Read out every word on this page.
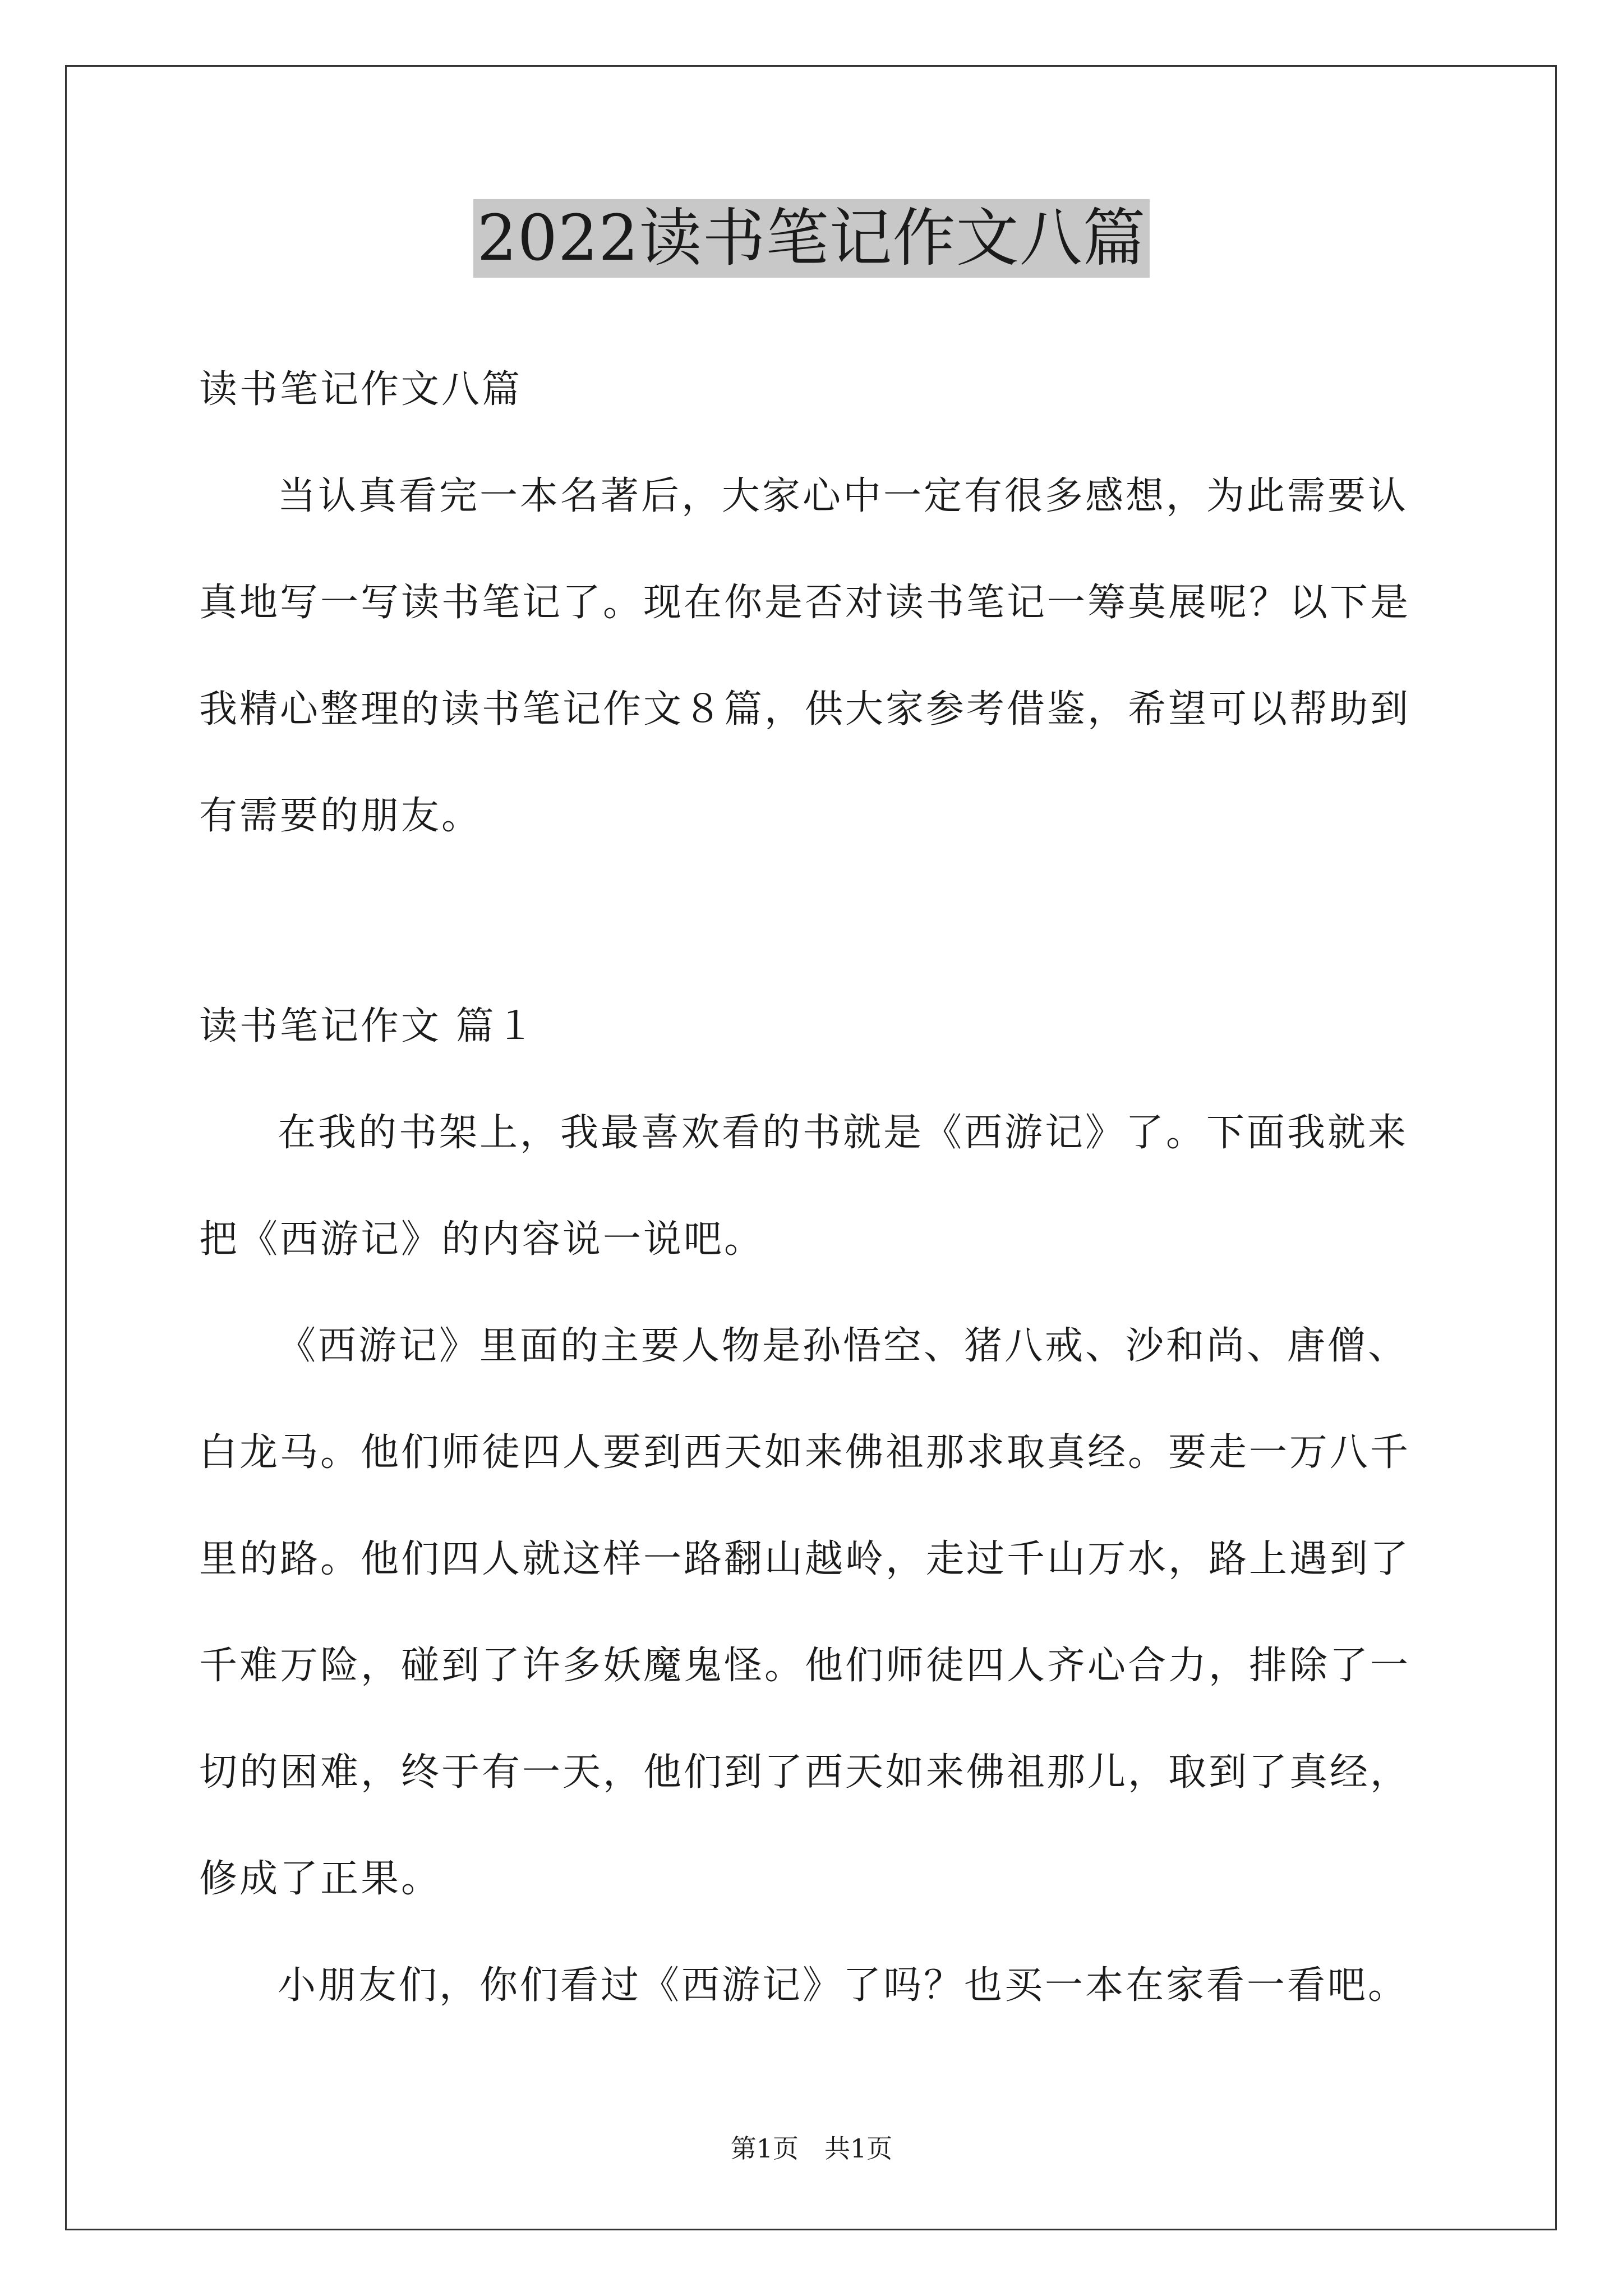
2022读书笔记作文八篇
读书笔记作文八篇
当认真看完一本名著后，大家心中一定有很多感想，为此需要认
真地写一写读书笔记了。现在你是否对读书笔记一筹莫展呢？以下是
我精心整理的读书笔记作文８篇，供大家参考借鉴，希望可以帮助到
有需要的朋友。
读书笔记作文 篇１
在我的书架上，我最喜欢看的书就是《西游记》了。下面我就来
把《西游记》的内容说一说吧。
《西游记》里面的主要人物是孙悟空、猪八戒、沙和尚、唐僧、
白龙马。他们师徒四人要到西天如来佛祖那求取真经。要走一万八千
里的路。他们四人就这样一路翻山越岭，走过千山万水，路上遇到了
千难万险，碰到了许多妖魔鬼怪。他们师徒四人齐心合力，排除了一
切的困难，终于有一天，他们到了西天如来佛祖那儿，取到了真经，
修成了正果。
小朋友们，你们看过《西游记》了吗？也买一本在家看一看吧。
第1页　共1页
